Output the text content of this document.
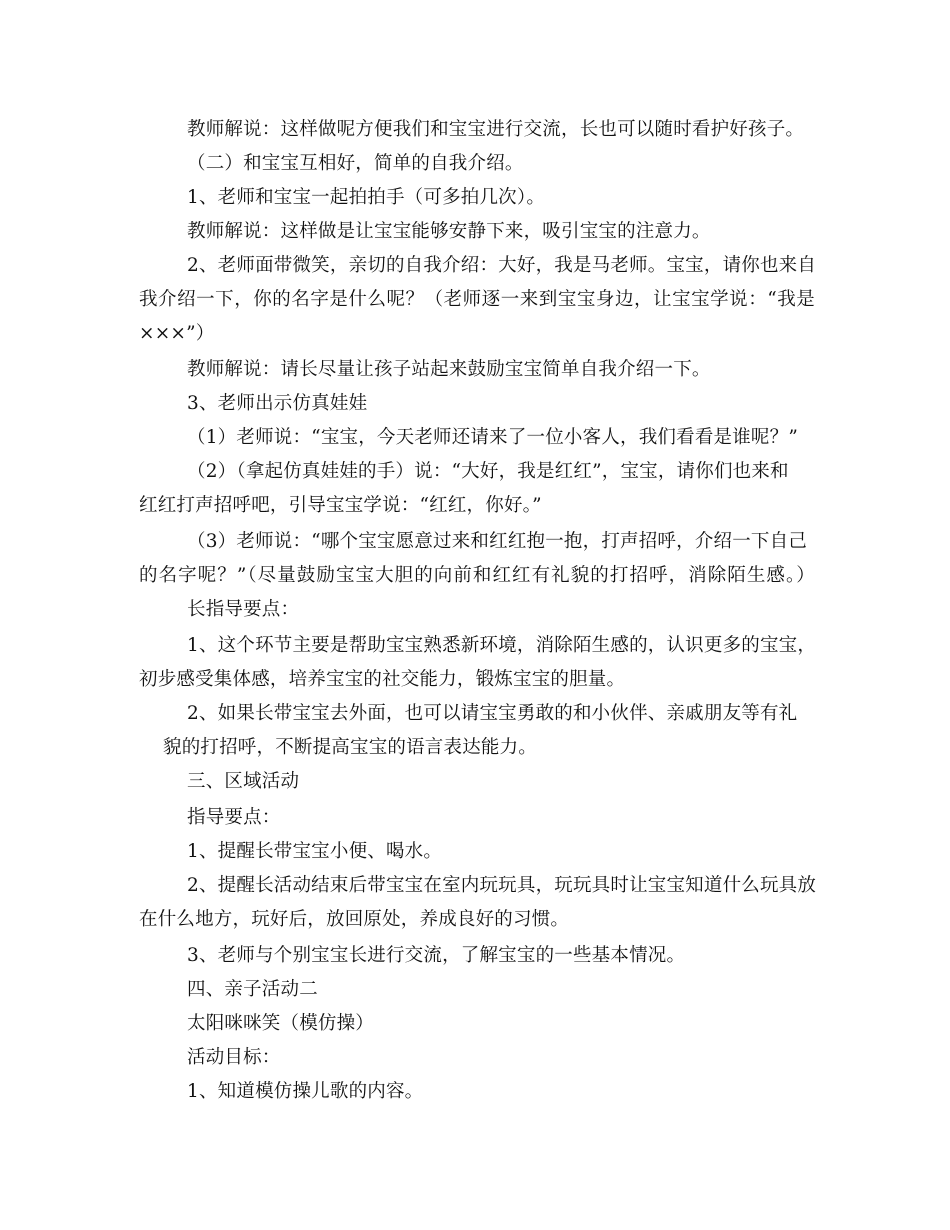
教师解说：这样做呢方便我们和宝宝进行交流，长也可以随时看护好孩子。
（二）和宝宝互相好，简单的自我介绍。
1、老师和宝宝一起拍拍手（可多拍几次）。
教师解说：这样做是让宝宝能够安静下来，吸引宝宝的注意力。
2、老师面带微笑，亲切的自我介绍：大好，我是马老师。宝宝，请你也来自
我介绍一下，你的名字是什么呢？（老师逐一来到宝宝身边，让宝宝学说：“我是
×××”）
教师解说：请长尽量让孩子站起来鼓励宝宝简单自我介绍一下。
3、老师出示仿真娃娃
（1）老师说：“宝宝，今天老师还请来了一位小客人，我们看看是谁呢？”
（2）（拿起仿真娃娃的手）说：“大好，我是红红”，宝宝，请你们也来和
红红打声招呼吧，引导宝宝学说：“红红，你好。”
（3）老师说：“哪个宝宝愿意过来和红红抱一抱，打声招呼，介绍一下自己
的名字呢？”（尽量鼓励宝宝大胆的向前和红红有礼貌的打招呼，消除陌生感。）
长指导要点：
1、这个环节主要是帮助宝宝熟悉新环境，消除陌生感的，认识更多的宝宝，
初步感受集体感，培养宝宝的社交能力，锻炼宝宝的胆量。
2、如果长带宝宝去外面，也可以请宝宝勇敢的和小伙伴、亲戚朋友等有礼
貌的打招呼，不断提高宝宝的语言表达能力。
三、区域活动
指导要点：
1、提醒长带宝宝小便、喝水。
2、提醒长活动结束后带宝宝在室内玩玩具，玩玩具时让宝宝知道什么玩具放
在什么地方，玩好后，放回原处，养成良好的习惯。
3、老师与个别宝宝长进行交流，了解宝宝的一些基本情况。
四、亲子活动二
太阳咪咪笑（模仿操）
活动目标：
1、知道模仿操儿歌的内容。
